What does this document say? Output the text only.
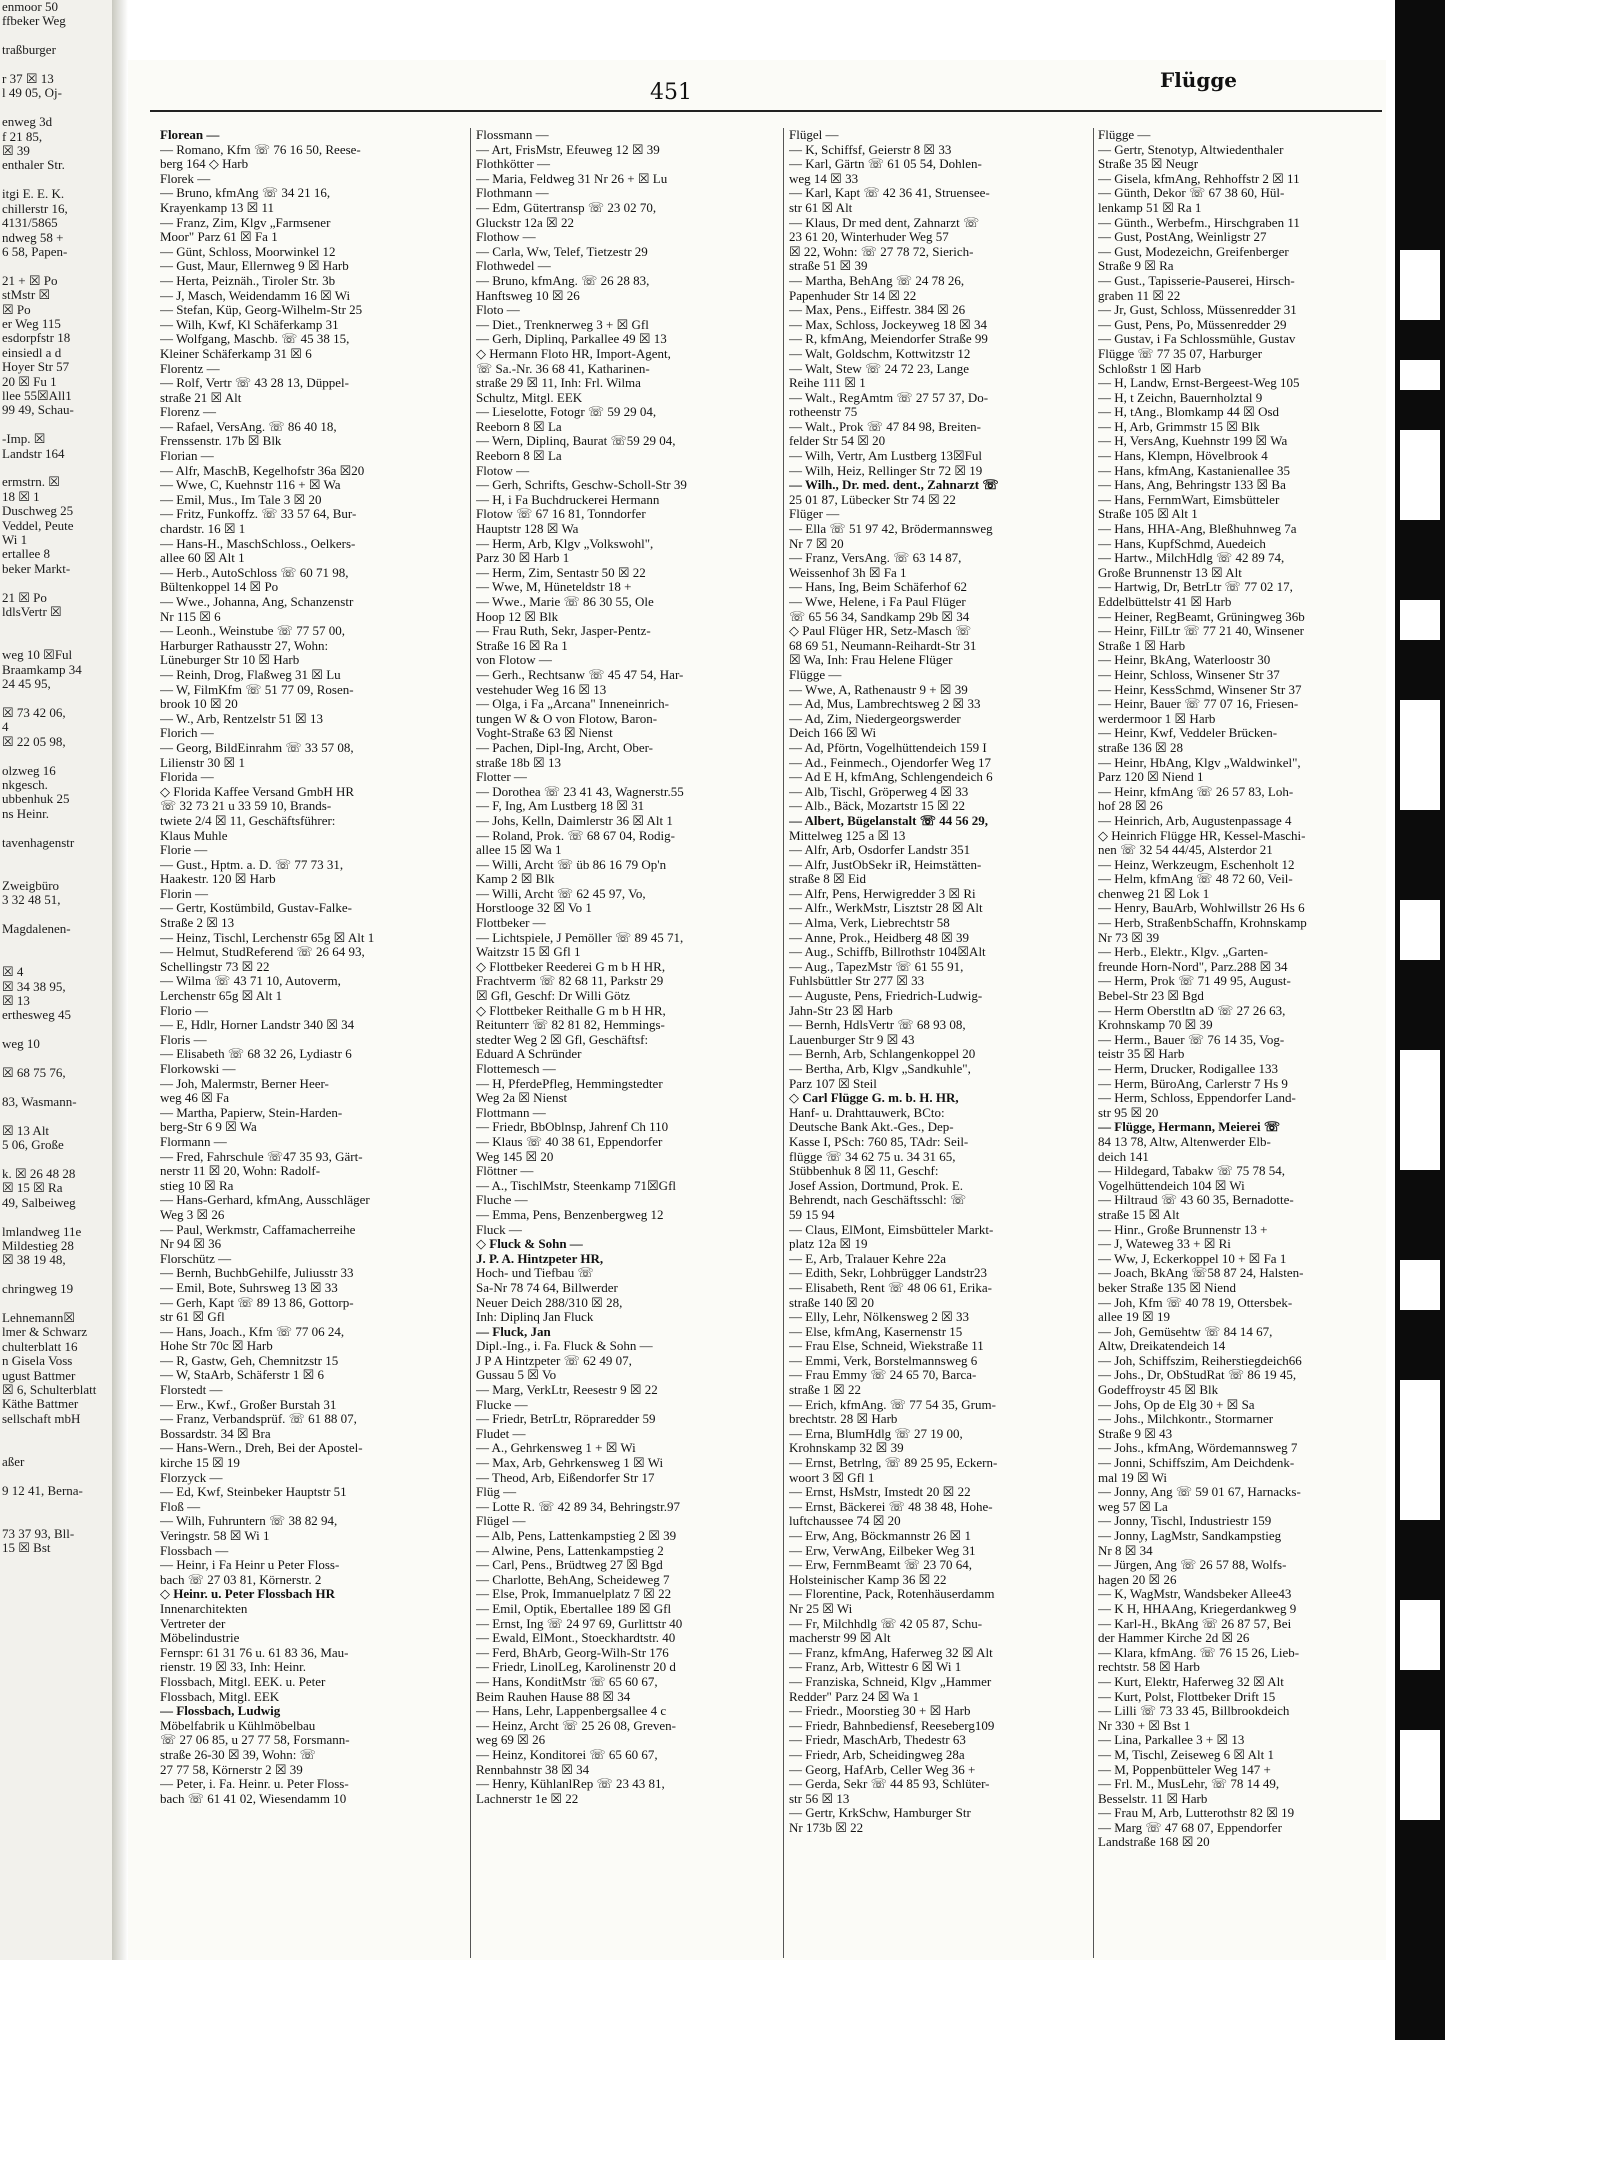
enmoor 50
ffbeker Weg

traßburger

r 37 ☒ 13
l 49 05, Oj-

enweg 3d
f 21 85,
☒ 39
enthaler Str.

itgi E. E. K.
chillerstr 16,
4131/5865
ndweg 58 +
6 58, Papen-

21 + ☒ Po
stMstr ☒
☒ Po
er Weg 115
esdorpfstr 18
einsiedl a d
Hoyer Str 57
20 ☒ Fu 1
llee 55☒All1
99 49, Schau-

-Imp. ☒
Landstr 164

ermstrn. ☒
18 ☒ 1
Duschweg 25
Veddel, Peute
Wi 1
ertallee 8
beker Markt-

21 ☒ Po
ldlsVertr ☒

weg 10 ☒Ful
Braamkamp 34
24 45 95,

☒ 73 42 06,
4
☒ 22 05 98,

olzweg 16
nkgesch.
ubbenhuk 25
ns Heinr.

tavenhagenstr

Zweigbüro
3 32 48 51,

Magdalenen-

☒ 4
☒ 34 38 95,
☒ 13
erthesweg 45

weg 10

☒ 68 75 76,

83, Wasmann-

☒ 13 Alt
5 06, Große

k. ☒ 26 48 28
☒ 15 ☒ Ra
49, Salbeiweg

lmlandweg 11e
Mildestieg 28
☒ 38 19 48,

chringweg 19

Lehnemann☒
lmer & Schwarz
chulterblatt 16
n Gisela Voss
ugust Battmer
☒ 6, Schulterblatt
Käthe Battmer
sellschaft mbH

aßer

9 12 41, Berna-

73 37 93, Bll-
15 ☒ Bst
451	Flügge
Florean —
— Romano, Kfm ☏ 76 16 50, Reese-
berg 164 ◇ Harb
Florek —
— Bruno, kfmAng ☏ 34 21 16,
Krayenkamp 13 ☒ 11
— Franz, Zim, Klgv „Farmsener
Moor" Parz 61 ☒ Fa 1
— Günt, Schloss, Moorwinkel 12
— Gust, Maur, Ellernweg 9 ☒ Harb
— Herta, Peiznäh., Tiroler Str. 3b
— J, Masch, Weidendamm 16 ☒ Wi
— Stefan, Küp, Georg-Wilhelm-Str 25
— Wilh, Kwf, Kl Schäferkamp 31
— Wolfgang, Maschb. ☏ 45 38 15,
Kleiner Schäferkamp 31 ☒ 6
Florentz —
— Rolf, Vertr ☏ 43 28 13, Düppel-
straße 21 ☒ Alt
Florenz —
— Rafael, VersAng. ☏ 86 40 18,
Frenssenstr. 17b ☒ Blk
Florian —
— Alfr, MaschB, Kegelhofstr 36a ☒20
— Wwe, C, Kuehnstr 116 + ☒ Wa
— Emil, Mus., Im Tale 3 ☒ 20
— Fritz, Funkoffz. ☏ 33 57 64, Bur-
chardstr. 16 ☒ 1
— Hans-H., MaschSchloss., Oelkers-
allee 60 ☒ Alt 1
— Herb., AutoSchloss ☏ 60 71 98,
Bültenkoppel 14 ☒ Po
— Wwe., Johanna, Ang, Schanzenstr
Nr 115 ☒ 6
— Leonh., Weinstube ☏ 77 57 00,
Harburger Rathausstr 27, Wohn:
Lüneburger Str 10 ☒ Harb
— Reinh, Drog, Flaßweg 31 ☒ Lu
— W, FilmKfm ☏ 51 77 09, Rosen-
brook 10 ☒ 20
— W., Arb, Rentzelstr 51 ☒ 13
Florich —
— Georg, BildEinrahm ☏ 33 57 08,
Lilienstr 30 ☒ 1
Florida —
◇ Florida Kaffee Versand GmbH HR
☏ 32 73 21 u 33 59 10, Brands-
twiete 2/4 ☒ 11, Geschäftsführer:
Klaus Muhle
Florie —
— Gust., Hptm. a. D. ☏ 77 73 31,
Haakestr. 120 ☒ Harb
Florin —
— Gertr, Kostümbild, Gustav-Falke-
Straße 2 ☒ 13
— Heinz, Tischl, Lerchenstr 65g ☒ Alt 1
— Helmut, StudReferend ☏ 26 64 93,
Schellingstr 73 ☒ 22
— Wilma ☏ 43 71 10, Autoverm,
Lerchenstr 65g ☒ Alt 1
Florio —
— E, Hdlr, Horner Landstr 340 ☒ 34
Floris —
— Elisabeth ☏ 68 32 26, Lydiastr 6
Florkowski —
— Joh, Malermstr, Berner Heer-
weg 46 ☒ Fa
— Martha, Papierw, Stein-Harden-
berg-Str 6 9 ☒ Wa
Flormann —
— Fred, Fahrschule ☏47 35 93, Gärt-
nerstr 11 ☒ 20, Wohn: Radolf-
stieg 10 ☒ Ra
— Hans-Gerhard, kfmAng, Ausschläger
Weg 3 ☒ 26
— Paul, Werkmstr, Caffamacherreihe
Nr 94 ☒ 36
Florschütz —
— Bernh, BuchbGehilfe, Juliusstr 33
— Emil, Bote, Suhrsweg 13 ☒ 33
— Gerh, Kapt ☏ 89 13 86, Gottorp-
str 61 ☒ Gfl
— Hans, Joach., Kfm ☏ 77 06 24,
Hohe Str 70c ☒ Harb
— R, Gastw, Geh, Chemnitzstr 15
— W, StaArb, Schäferstr 1 ☒ 6
Florstedt —
— Erw., Kwf., Großer Burstah 31
— Franz, Verbandsprüf. ☏ 61 88 07,
Bossardstr. 34 ☒ Bra
— Hans-Wern., Dreh, Bei der Apostel-
kirche 15 ☒ 19
Florzyck —
— Ed, Kwf, Steinbeker Hauptstr 51
Floß —
— Wilh, Fuhruntern ☏ 38 82 94,
Veringstr. 58 ☒ Wi 1
Flossbach —
— Heinr, i Fa Heinr u Peter Floss-
bach ☏ 27 03 81, Körnerstr. 2
◇ Heinr. u. Peter Flossbach HR
Innenarchitekten
Vertreter der
Möbelindustrie
Fernspr: 61 31 76 u. 61 83 36, Mau-
rienstr. 19 ☒ 33, Inh: Heinr.
Flossbach, Mitgl. EEK. u. Peter
Flossbach, Mitgl. EEK
— Flossbach, Ludwig
Möbelfabrik u Kühlmöbelbau
☏ 27 06 85, u 27 77 58, Forsmann-
straße 26-30 ☒ 39, Wohn: ☏
27 77 58, Körnerstr 2 ☒ 39
— Peter, i. Fa. Heinr. u. Peter Floss-
bach ☏ 61 41 02, Wiesendamm 10
Flossmann —
— Art, FrisMstr, Efeuweg 12 ☒ 39
Flothkötter —
— Maria, Feldweg 31 Nr 26 + ☒ Lu
Flothmann —
— Edm, Gütertransp ☏ 23 02 70,
Gluckstr 12a ☒ 22
Flothow —
— Carla, Ww, Telef, Tietzestr 29
Flothwedel —
— Bruno, kfmAng. ☏ 26 28 83,
Hanftsweg 10 ☒ 26
Floto —
— Diet., Trenknerweg 3 + ☒ Gfl
— Gerh, Diplinq, Parkallee 49 ☒ 13
◇ Hermann Floto HR, Import-Agent,
☏ Sa.-Nr. 36 68 41, Katharinen-
straße 29 ☒ 11, Inh: Frl. Wilma
Schultz, Mitgl. EEK
— Lieselotte, Fotogr ☏ 59 29 04,
Reeborn 8 ☒ La
— Wern, Diplinq, Baurat ☏59 29 04,
Reeborn 8 ☒ La
Flotow —
— Gerh, Schrifts, Geschw-Scholl-Str 39
— H, i Fa Buchdruckerei Hermann
Flotow ☏ 67 16 81, Tonndorfer
Hauptstr 128 ☒ Wa
— Herm, Arb, Klgv „Volkswohl",
Parz 30 ☒ Harb 1
— Herm, Zim, Sentastr 50 ☒ 22
— Wwe, M, Hüneteldstr 18 +
— Wwe., Marie ☏ 86 30 55, Ole
Hoop 12 ☒ Blk
— Frau Ruth, Sekr, Jasper-Pentz-
Straße 16 ☒ Ra 1
von Flotow —
— Gerh., Rechtsanw ☏ 45 47 54, Har-
vestehuder Weg 16 ☒ 13
— Olga, i Fa „Arcana" Inneneinrich-
tungen W & O von Flotow, Baron-
Voght-Straße 63 ☒ Nienst
— Pachen, Dipl-Ing, Archt, Ober-
straße 18b ☒ 13
Flotter —
— Dorothea ☏ 23 41 43, Wagnerstr.55
— F, Ing, Am Lustberg 18 ☒ 31
— Johs, Kelln, Daimlerstr 36 ☒ Alt 1
— Roland, Prok. ☏ 68 67 04, Rodig-
allee 15 ☒ Wa 1
— Willi, Archt ☏ üb 86 16 79 Op'n
Kamp 2 ☒ Blk
— Willi, Archt ☏ 62 45 97, Vo,
Horstlooge 32 ☒ Vo 1
Flottbeker —
— Lichtspiele, J Pemöller ☏ 89 45 71,
Waitzstr 15 ☒ Gfl 1
◇ Flottbeker Reederei G m b H HR,
Frachtverm ☏ 82 68 11, Parkstr 29
☒ Gfl, Geschf: Dr Willi Götz
◇ Flottbeker Reithalle G m b H HR,
Reitunterr ☏ 82 81 82, Hemmings-
stedter Weg 2 ☒ Gfl, Geschäftsf:
Eduard A Schründer
Flottemesch —
— H, PferdePfleg, Hemmingstedter
Weg 2a ☒ Nienst
Flottmann —
— Friedr, BbOblnsp, Jahrenf Ch 110
— Klaus ☏ 40 38 61, Eppendorfer
Weg 145 ☒ 20
Flöttner —
— A., TischlMstr, Steenkamp 71☒Gfl
Fluche —
— Emma, Pens, Benzenbergweg 12
Fluck —
◇ Fluck & Sohn —
J. P. A. Hintzpeter HR,
Hoch- und Tiefbau ☏
Sa-Nr 78 74 64, Billwerder
Neuer Deich 288/310 ☒ 28,
Inh: Diplinq Jan Fluck
— Fluck, Jan
Dipl.-Ing., i. Fa. Fluck & Sohn —
J P A Hintzpeter ☏ 62 49 07,
Gussau 5 ☒ Vo
— Marg, VerkLtr, Reesestr 9 ☒ 22
Flucke —
— Friedr, BetrLtr, Röpraredder 59
Fludet —
— A., Gehrkensweg 1 + ☒ Wi
— Max, Arb, Gehrkensweg 1 ☒ Wi
— Theod, Arb, Eißendorfer Str 17
Flüg —
— Lotte R. ☏ 42 89 34, Behringstr.97
Flügel —
— Alb, Pens, Lattenkampstieg 2 ☒ 39
— Alwine, Pens, Lattenkampstieg 2
— Carl, Pens., Brüdtweg 27 ☒ Bgd
— Charlotte, BehAng, Scheideweg 7
— Else, Prok, Immanuelplatz 7 ☒ 22
— Emil, Optik, Ebertallee 189 ☒ Gfl
— Ernst, Ing ☏ 24 97 69, Gurlittstr 40
— Ewald, ElMont., Stoeckhardtstr. 40
— Ferd, BhArb, Georg-Wilh-Str 176
— Friedr, LinolLeg, Karolinenstr 20 d
— Hans, KonditMstr ☏ 65 60 67,
Beim Rauhen Hause 88 ☒ 34
— Hans, Lehr, Lappenbergsallee 4 c
— Heinz, Archt ☏ 25 26 08, Greven-
weg 69 ☒ 26
— Heinz, Konditorei ☏ 65 60 67,
Rennbahnstr 38 ☒ 34
— Henry, KühlanlRep ☏ 23 43 81,
Lachnerstr 1e ☒ 22
Flügel —
— K, Schiffsf, Geierstr 8 ☒ 33
— Karl, Gärtn ☏ 61 05 54, Dohlen-
weg 14 ☒ 33
— Karl, Kapt ☏ 42 36 41, Struensee-
str 61 ☒ Alt
— Klaus, Dr med dent, Zahnarzt ☏
23 61 20, Winterhuder Weg 57
☒ 22, Wohn: ☏ 27 78 72, Sierich-
straße 51 ☒ 39
— Martha, BehAng ☏ 24 78 26,
Papenhuder Str 14 ☒ 22
— Max, Pens., Eiffestr. 384 ☒ 26
— Max, Schloss, Jockeyweg 18 ☒ 34
— R, kfmAng, Meiendorfer Straße 99
— Walt, Goldschm, Kottwitzstr 12
— Walt, Stew ☏ 24 72 23, Lange
Reihe 111 ☒ 1
— Walt., RegAmtm ☏ 27 57 37, Do-
rotheenstr 75
— Walt., Prok ☏ 47 84 98, Breiten-
felder Str 54 ☒ 20
— Wilh, Vertr, Am Lustberg 13☒Ful
— Wilh, Heiz, Rellinger Str 72 ☒ 19
— Wilh., Dr. med. dent., Zahnarzt ☏
25 01 87, Lübecker Str 74 ☒ 22
Flüger —
— Ella ☏ 51 97 42, Brödermannsweg
Nr 7 ☒ 20
— Franz, VersAng. ☏ 63 14 87,
Weissenhof 3h ☒ Fa 1
— Hans, Ing, Beim Schäferhof 62
— Wwe, Helene, i Fa Paul Flüger
☏ 65 56 34, Sandkamp 29b ☒ 34
◇ Paul Flüger HR, Setz-Masch ☏
68 69 51, Neumann-Reihardt-Str 31
☒ Wa, Inh: Frau Helene Flüger
Flügge —
— Wwe, A, Rathenaustr 9 + ☒ 39
— Ad, Mus, Lambrechtsweg 2 ☒ 33
— Ad, Zim, Niedergeorgswerder
Deich 166 ☒ Wi
— Ad, Pförtn, Vogelhüttendeich 159 I
— Ad., Feinmech., Ojendorfer Weg 17
— Ad E H, kfmAng, Schlengendeich 6
— Alb, Tischl, Gröperweg 4 ☒ 33
— Alb., Bäck, Mozartstr 15 ☒ 22
— Albert, Bügelanstalt ☏ 44 56 29,
Mittelweg 125 a ☒ 13
— Alfr, Arb, Osdorfer Landstr 351
— Alfr, JustObSekr iR, Heimstätten-
straße 8 ☒ Eid
— Alfr, Pens, Herwigredder 3 ☒ Ri
— Alfr., WerkMstr, Lisztstr 28 ☒ Alt
— Alma, Verk, Liebrechtstr 58
— Anne, Prok., Heidberg 48 ☒ 39
— Aug., Schiffb, Billrothstr 104☒Alt
— Aug., TapezMstr ☏ 61 55 91,
Fuhlsbüttler Str 277 ☒ 33
— Auguste, Pens, Friedrich-Ludwig-
Jahn-Str 23 ☒ Harb
— Bernh, HdlsVertr ☏ 68 93 08,
Lauenburger Str 9 ☒ 43
— Bernh, Arb, Schlangenkoppel 20
— Bertha, Arb, Klgv „Sandkuhle",
Parz 107 ☒ Steil
◇ Carl Flügge G. m. b. H. HR,
Hanf- u. Drahttauwerk, BCto:
Deutsche Bank Akt.-Ges., Dep-
Kasse I, PSch: 760 85, TAdr: Seil-
flügge ☏ 34 62 75 u. 34 31 65,
Stübbenhuk 8 ☒ 11, Geschf:
Josef Assion, Dortmund, Prok. E.
Behrendt, nach Geschäftsschl: ☏
59 15 94
— Claus, ElMont, Eimsbütteler Markt-
platz 12a ☒ 19
— E, Arb, Tralauer Kehre 22a
— Edith, Sekr, Lohbrügger Landstr23
— Elisabeth, Rent ☏ 48 06 61, Erika-
straße 140 ☒ 20
— Elly, Lehr, Nölkensweg 2 ☒ 33
— Else, kfmAng, Kasernenstr 15
— Frau Else, Schneid, Wiekstraße 11
— Emmi, Verk, Borstelmannsweg 6
— Frau Emmy ☏ 24 65 70, Barca-
straße 1 ☒ 22
— Erich, kfmAng. ☏ 77 54 35, Grum-
brechtstr. 28 ☒ Harb
— Erna, BlumHdlg ☏ 27 19 00,
Krohnskamp 32 ☒ 39
— Ernst, Betrlng, ☏ 89 25 95, Eckern-
woort 3 ☒ Gfl 1
— Ernst, HsMstr, Imstedt 20 ☒ 22
— Ernst, Bäckerei ☏ 48 38 48, Hohe-
luftchaussee 74 ☒ 20
— Erw, Ang, Böckmannstr 26 ☒ 1
— Erw, VerwAng, Eilbeker Weg 31
— Erw, FernmBeamt ☏ 23 70 64,
Holsteinischer Kamp 36 ☒ 22
— Florentine, Pack, Rotenhäuserdamm
Nr 25 ☒ Wi
— Fr, Milchhdlg ☏ 42 05 87, Schu-
macherstr 99 ☒ Alt
— Franz, kfmAng, Haferweg 32 ☒ Alt
— Franz, Arb, Wittestr 6 ☒ Wi 1
— Franziska, Schneid, Klgv „Hammer
Redder" Parz 24 ☒ Wa 1
— Friedr., Moorstieg 30 + ☒ Harb
— Friedr, Bahnbediensf, Reeseberg109
— Friedr, MaschArb, Thedestr 63
— Friedr, Arb, Scheidingweg 28a
— Georg, HafArb, Celler Weg 36 +
— Gerda, Sekr ☏ 44 85 93, Schlüter-
str 56 ☒ 13
— Gertr, KrkSchw, Hamburger Str
Nr 173b ☒ 22
Flügge —
— Gertr, Stenotyp, Altwiedenthaler
Straße 35 ☒ Neugr
— Gisela, kfmAng, Rehhoffstr 2 ☒ 11
— Günth, Dekor ☏ 67 38 60, Hül-
lenkamp 51 ☒ Ra 1
— Günth., Werbefm., Hirschgraben 11
— Gust, PostAng, Weinligstr 27
— Gust, Modezeichn, Greifenberger
Straße 9 ☒ Ra
— Gust., Tapisserie-Pauserei, Hirsch-
graben 11 ☒ 22
— Jr, Gust, Schloss, Müssenredder 31
— Gust, Pens, Po, Müssenredder 29
— Gustav, i Fa Schlossmühle, Gustav
Flügge ☏ 77 35 07, Harburger
Schloßstr 1 ☒ Harb
— H, Landw, Ernst-Bergeest-Weg 105
— H, t Zeichn, Bauernholztal 9
— H, tAng., Blomkamp 44 ☒ Osd
— H, Arb, Grimmstr 15 ☒ Blk
— H, VersAng, Kuehnstr 199 ☒ Wa
— Hans, Klempn, Hövelbrook 4
— Hans, kfmAng, Kastanienallee 35
— Hans, Ang, Behringstr 133 ☒ Ba
— Hans, FernmWart, Eimsbütteler
Straße 105 ☒ Alt 1
— Hans, HHA-Ang, Bleßhuhnweg 7a
— Hans, KupfSchmd, Auedeich
— Hartw., MilchHdlg ☏ 42 89 74,
Große Brunnenstr 13 ☒ Alt
— Hartwig, Dr, BetrLtr ☏ 77 02 17,
Eddelbüttelstr 41 ☒ Harb
— Heiner, RegBeamt, Grüningweg 36b
— Heinr, FilLtr ☏ 77 21 40, Winsener
Straße 1 ☒ Harb
— Heinr, BkAng, Waterloostr 30
— Heinr, Schloss, Winsener Str 37
— Heinr, KessSchmd, Winsener Str 37
— Heinr, Bauer ☏ 77 07 16, Friesen-
werdermoor 1 ☒ Harb
— Heinr, Kwf, Veddeler Brücken-
straße 136 ☒ 28
— Heinr, HbAng, Klgv „Waldwinkel",
Parz 120 ☒ Niend 1
— Heinr, kfmAng ☏ 26 57 83, Loh-
hof 28 ☒ 26
— Heinrich, Arb, Augustenpassage 4
◇ Heinrich Flügge HR, Kessel-Maschi-
nen ☏ 32 54 44/45, Alsterdor 21
— Heinz, Werkzeugm, Eschenholt 12
— Helm, kfmAng ☏ 48 72 60, Veil-
chenweg 21 ☒ Lok 1
— Henry, BauArb, Wohlwillstr 26 Hs 6
— Herb, StraßenbSchaffn, Krohnskamp
Nr 73 ☒ 39
— Herb., Elektr., Klgv. „Garten-
freunde Horn-Nord", Parz.288 ☒ 34
— Herm, Prok ☏ 71 49 95, August-
Bebel-Str 23 ☒ Bgd
— Herm Oberstltn aD ☏ 27 26 63,
Krohnskamp 70 ☒ 39
— Herm., Bauer ☏ 76 14 35, Vog-
teistr 35 ☒ Harb
— Herm, Drucker, Rodigallee 133
— Herm, BüroAng, Carlerstr 7 Hs 9
— Herm, Schloss, Eppendorfer Land-
str 95 ☒ 20
— Flügge, Hermann, Meierei ☏
84 13 78, Altw, Altenwerder Elb-
deich 141
— Hildegard, Tabakw ☏ 75 78 54,
Vogelhüttendeich 104 ☒ Wi
— Hiltraud ☏ 43 60 35, Bernadotte-
straße 15 ☒ Alt
— Hinr., Große Brunnenstr 13 +
— J, Wateweg 33 + ☒ Ri
— Ww, J, Eckerkoppel 10 + ☒ Fa 1
— Joach, BkAng ☏58 87 24, Halsten-
beker Straße 135 ☒ Niend
— Joh, Kfm ☏ 40 78 19, Ottersbek-
allee 19 ☒ 19
— Joh, Gemüsehtw ☏ 84 14 67,
Altw, Dreikatendeich 14
— Joh, Schiffszim, Reiherstiegdeich66
— Johs., Dr, ObStudRat ☏ 86 19 45,
Godeffroystr 45 ☒ Blk
— Johs, Op de Elg 30 + ☒ Sa
— Johs., Milchkontr., Stormarner
Straße 9 ☒ 43
— Johs., kfmAng, Wördemannsweg 7
— Jonni, Schiffszim, Am Deichdenk-
mal 19 ☒ Wi
— Jonny, Ang ☏ 59 01 67, Harnacks-
weg 57 ☒ La
— Jonny, Tischl, Industriestr 159
— Jonny, LagMstr, Sandkampstieg
Nr 8 ☒ 34
— Jürgen, Ang ☏ 26 57 88, Wolfs-
hagen 20 ☒ 26
— K, WagMstr, Wandsbeker Allee43
— K H, HHAAng, Kriegerdankweg 9
— Karl-H., BkAng ☏ 26 87 57, Bei
der Hammer Kirche 2d ☒ 26
— Klara, kfmAng. ☏ 76 15 26, Lieb-
rechtstr. 58 ☒ Harb
— Kurt, Elektr, Haferweg 32 ☒ Alt
— Kurt, Polst, Flottbeker Drift 15
— Lilli ☏ 73 33 45, Billbrookdeich
Nr 330 + ☒ Bst 1
— Lina, Parkallee 3 + ☒ 13
— M, Tischl, Zeiseweg 6 ☒ Alt 1
— M, Poppenbütteler Weg 147 +
— Frl. M., MusLehr, ☏ 78 14 49,
Besselstr. 11 ☒ Harb
— Frau M, Arb, Lutterothstr 82 ☒ 19
— Marg ☏ 47 68 07, Eppendorfer
Landstraße 168 ☒ 20
